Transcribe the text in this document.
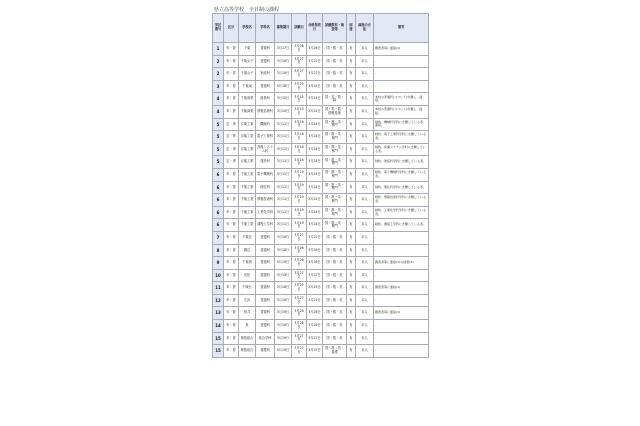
県立高等学校　全日制の課程
学区番号	区分	学校名	学科名	募集期日	試験日	合格発表日	試験教科・検査等	面接	面接の方法	備考
1	年・普	千葉	普通科	3月17日	3月26日	3月26日	国・数・英	有	本人	調査書等に面接(1)
2	年・普	千葉女子	普通科	3月19日	3月27日	3月27日	国・数・英	有	本人	–
2	年・普	千葉女子	家政科	3月19日	3月27日	3月27日	国・数・英	有	本人	–
3	年・普	千葉東	普通科	3月18日	3月25日	3月25日	国・数・英	有	本人	–
4	年・普	千葉商業	商業科	3月10日	3月15日	3月24日	国・英・数・調	有	本人	本校の普通科に(ついて)出願し、面接。
4	年・普	千葉商業	情報処理科	3月10日	3月15日	3月24日	国・英・数・情報処理	有	本人	本校の普通科に(ついて)出願し、面接。
5	定・専	京葉工業	機械科	3月11日	3月16日	3月24日	国・数・英・専門	有	本人	制約、機械科学科に志願している者、面接。
5	定・専	京葉工業	電子工業科	3月11日	3月16日	3月24日	国・数・英・専門	有	本人	制約、電子工業科学科に志願している者。
5	定・専	京葉工業	設備システム科	3月11日	3月16日	3月24日	国・数・英・専門	有	本人	制約、設備システム学科に志願している者。
5	定・専	京葉工業	建設科	3月11日	3月16日	3月24日	国・数・英・専門	有	本人	制約、建設科学科に志願している者。
6	年・普	千葉工業	電子機械科	3月11日	3月19日	3月24日	国・数・英・専門	有	本人	制約、電子機械科学科に志願している者。
6	年・普	千葉工業	理化科	3月11日	3月19日	3月24日	国・数・英・専門	有	本人	制約、理化科学科に志願している者。
6	年・普	千葉工業	情報技術科	3月11日	3月19日	3月24日	国・数・英・専門	有	本人	制約、情報技術科学科に志願している者。
6	年・普	千葉工業	工業化学科	3月11日	3月19日	3月24日	国・数・英・専門	有	本人	制約、工業化学科学科に志願している者。
6	年・普	千葉工業	課程工学科	3月11日	3月19日	3月24日	国・数・英・専門	有	本人	制約、課程工学科に志願している者。
7	年・普	千葉北	普通科	3月19日	3月27日	3月27日	国・数・英	有	本人	–
8	年・普	磯辺	普通科	3月18日	3月26日	3月26日	国・数・英	有	本人	–
9	年・普	千葉西	普通科	3月19日	3月26日	3月26日	国・数・英	有	本人	調査書等に面接(1)の結果(2)
10	年・普	若松	普通科	3月19日	3月27日	3月27日	国・数・英	有	本人	–
11	年・普	千城台	普通科	3月18日	3月25日	3月25日	国・数・英	有	本人	調査書等に面接(1)
12	年・普	生浜	普通科	3月19日	3月27日	3月27日	国・数・英	有	本人	–
13	年・普	柏井	普通科	3月19日	3月26日	3月26日	国・数・英	有	本人	調査書等に面接(1)
14	年・普	泉	普通科	3月19日	3月26日	3月26日	国・数・英	有	本人	–
15	年・普	幕張総合	総合学科	3月19日	3月27日	3月27日	国・数・英	有	本人	–
15	年・普	幕張総合	看護科	3月19日	3月27日	3月27日	国・数・英・看護	有	本人	–
